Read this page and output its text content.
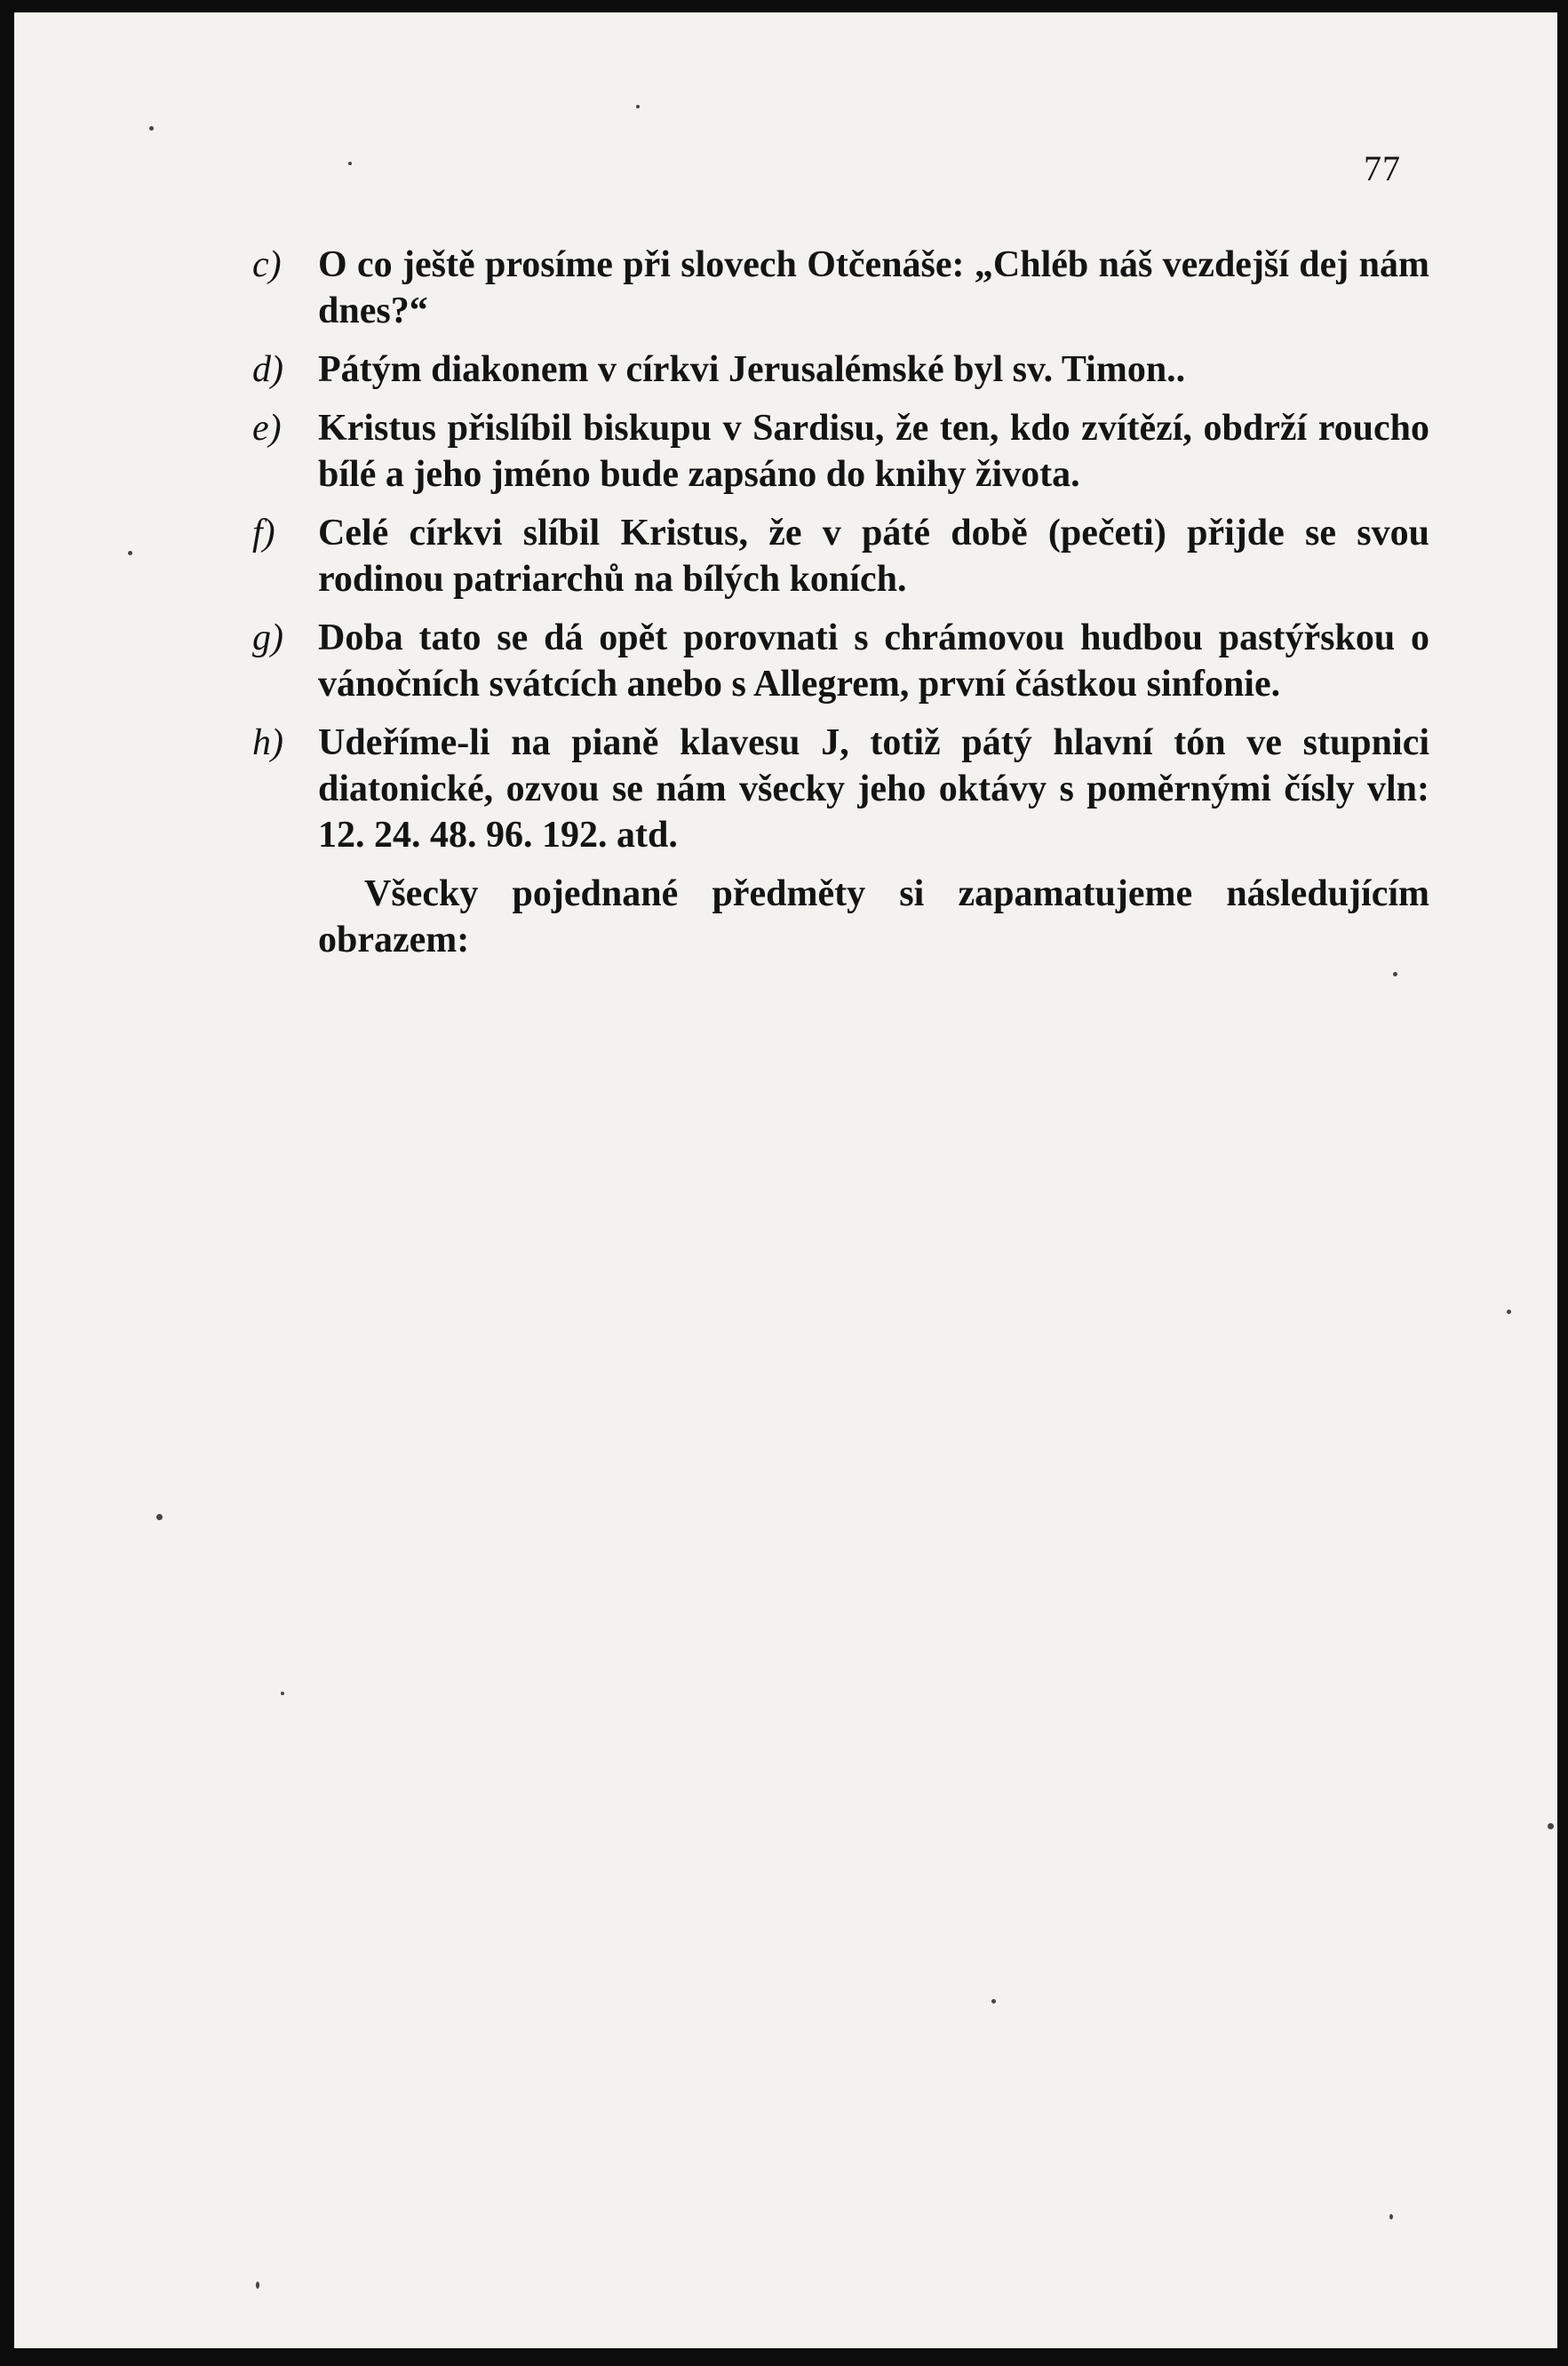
77
c) O co ještě prosíme při slovech Otčenáše: „Chléb náš vezdejší dej nám dnes?“
d) Pátým diakonem v církvi Jerusalémské byl sv. Timon..
e) Kristus přislíbil biskupu v Sardisu, že ten, kdo zvítězí, obdrží roucho bílé a jeho jméno bude zapsáno do knihy života.
f) Celé církvi slíbil Kristus, že v páté době (pečeti) přijde se svou rodinou patriarchů na bílých koních.
g) Doba tato se dá opět porovnati s chrámovou hudbou pastýřskou o vánočních svátcích anebo s Allegrem, první částkou sinfonie.
h) Udeříme-li na pianě klavesu J, totiž pátý hlavní tón ve stupnici diatonické, ozvou se nám všecky jeho oktávy s poměrnými čísly vln: 12. 24. 48. 96. 192. atd.

Všecky pojednané předměty si zapamatujeme následujícím obrazem:
